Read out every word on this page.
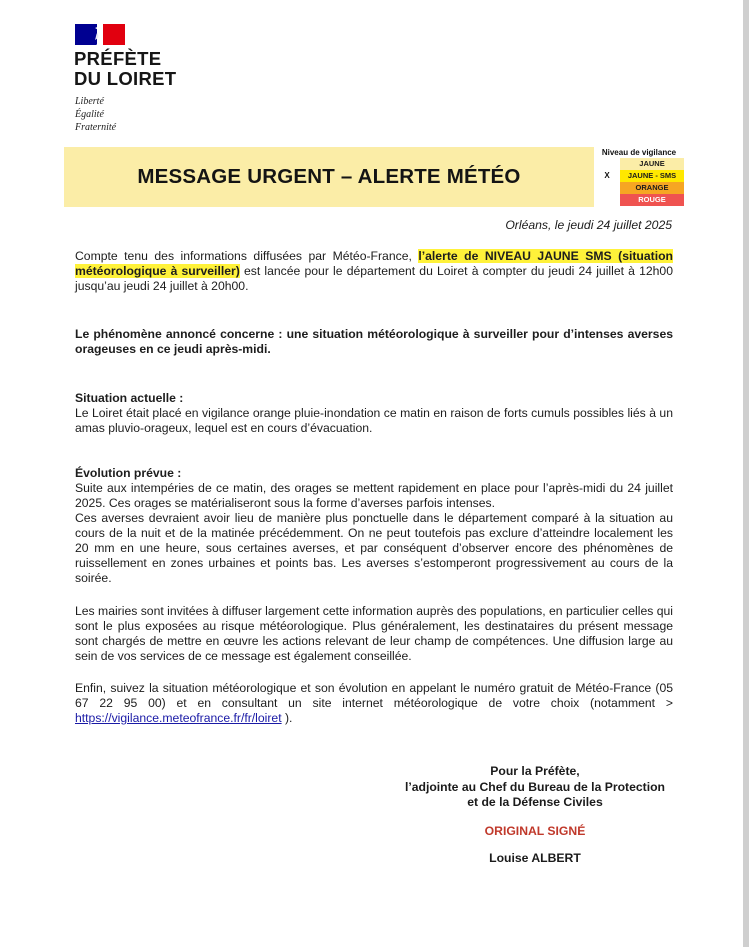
PRÉFÈTE
DU LOIRET

Liberté
Égalité
Fraternité

MESSAGE URGENT – ALERTE MÉTÉO
Niveau de vigilance
JAUNE
X	JAUNE - SMS
ORANGE
ROUGE

Orléans, le jeudi 24 juillet 2025

Compte tenu des informations diffusées par Météo-France, l’alerte de NIVEAU JAUNE SMS (situation météorologique à surveiller) est lancée pour le département du Loiret à compter du jeudi 24 juillet à 12h00 jusqu’au jeudi 24 juillet à 20h00.

Le phénomène annoncé concerne : une situation météorologique à surveiller pour d’intenses averses orageuses en ce jeudi après-midi.

Situation actuelle :

Le Loiret était placé en vigilance orange pluie-inondation ce matin en raison de forts cumuls possibles liés à un amas pluvio-orageux, lequel est en cours d’évacuation.

Évolution prévue :

Suite aux intempéries de ce matin, des orages se mettent rapidement en place pour l’après-midi du 24 juillet 2025. Ces orages se matérialiseront sous la forme d’averses parfois intenses.

Ces averses devraient avoir lieu de manière plus ponctuelle dans le département comparé à la situation au cours de la nuit et de la matinée précédemment. On ne peut toutefois pas exclure d’atteindre localement les 20 mm en une heure, sous certaines averses, et par conséquent d’observer encore des phénomènes de ruissellement en zones urbaines et points bas. Les averses s’estomperont progressivement au cours de la soirée.

Les mairies sont invitées à diffuser largement cette information auprès des populations, en particulier celles qui sont le plus exposées au risque météorologique. Plus généralement, les destinataires du présent message sont chargés de mettre en œuvre les actions relevant de leur champ de compétences. Une diffusion large au sein de vos services de ce message est également conseillée.

Enfin, suivez la situation météorologique et son évolution en appelant le numéro gratuit de Météo-France (05 67 22 95 00) et en consultant un site internet météorologique de votre choix (notamment > https://vigilance.meteofrance.fr/fr/loiret ).

Pour la Préfète,

l’adjointe au Chef du Bureau de la Protection

et de la Défense Civiles

ORIGINAL SIGNÉ

Louise ALBERT
